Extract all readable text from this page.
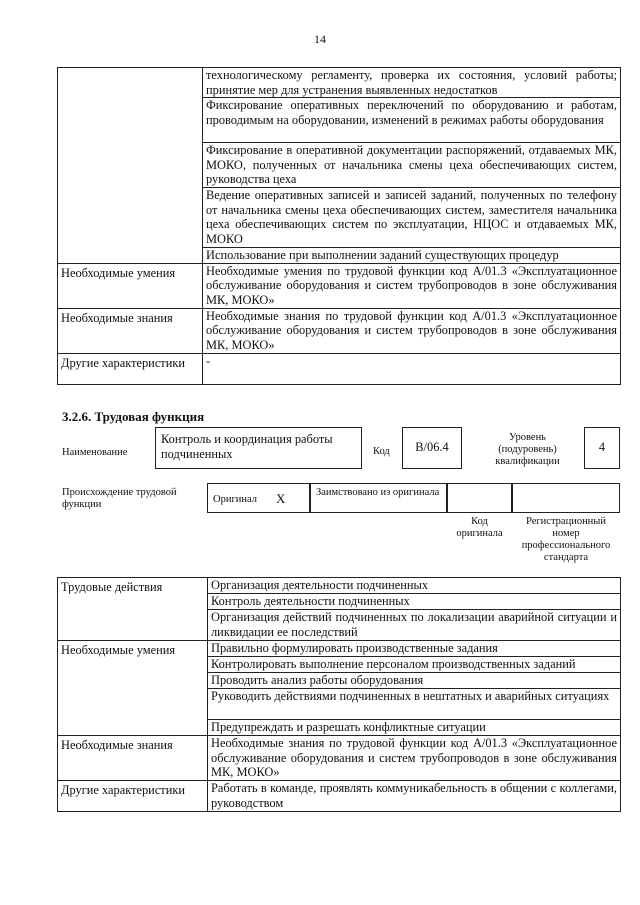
14
	технологическому регламенту, проверка их состояния, условий работы; принятие мер для устранения выявленных недостатков
	Фиксирование оперативных переключений по оборудованию и работам, проводимым на оборудовании, изменений в режимах работы оборудования
	Фиксирование в оперативной документации распоряжений, отдаваемых МК, МОКО, полученных от начальника смены цеха обеспечивающих систем, руководства цеха
	Ведение оперативных записей и записей заданий, полученных по телефону от начальника смены цеха обеспечивающих систем, заместителя начальника цеха обеспечивающих систем по эксплуатации, НЦОС и отдаваемых МК, МОКО
	Использование при выполнении заданий существующих процедур
Необходимые умения	Необходимые умения по трудовой функции код А/01.3 «Эксплуатационное обслуживание оборудования и систем трубопроводов в зоне обслуживания МК, МОКО»
Необходимые знания	Необходимые знания по трудовой функции код А/01.3 «Эксплуатационное обслуживание оборудования и систем трубопроводов в зоне обслуживания МК, МОКО»
Другие характеристики	-
3.2.6. Трудовая функция
Наименование
Контроль и координация работы подчиненных	Код	B/06.4
Уровень (подуровень) квалификации
4
Происхождение трудовой функции	Оригинал X	Заимствовано из оригинала
Код оригинала
Регистрационный номер профессионального стандарта
Трудовые действия	Организация деятельности подчиненных
	Контроль деятельности подчиненных
	Организация действий подчиненных по локализации аварийной ситуации и ликвидации ее последствий
Необходимые умения	Правильно формулировать производственные задания
	Контролировать выполнение персоналом производственных заданий
	Проводить анализ работы оборудования
	Руководить действиями подчиненных в нештатных и аварийных ситуациях
	Предупреждать и разрешать конфликтные ситуации
Необходимые знания	Необходимые знания по трудовой функции код А/01.3 «Эксплуатационное обслуживание оборудования и систем трубопроводов в зоне обслуживания МК, МОКО»
Другие характеристики	Работать в команде, проявлять коммуникабельность в общении с коллегами, руководством
